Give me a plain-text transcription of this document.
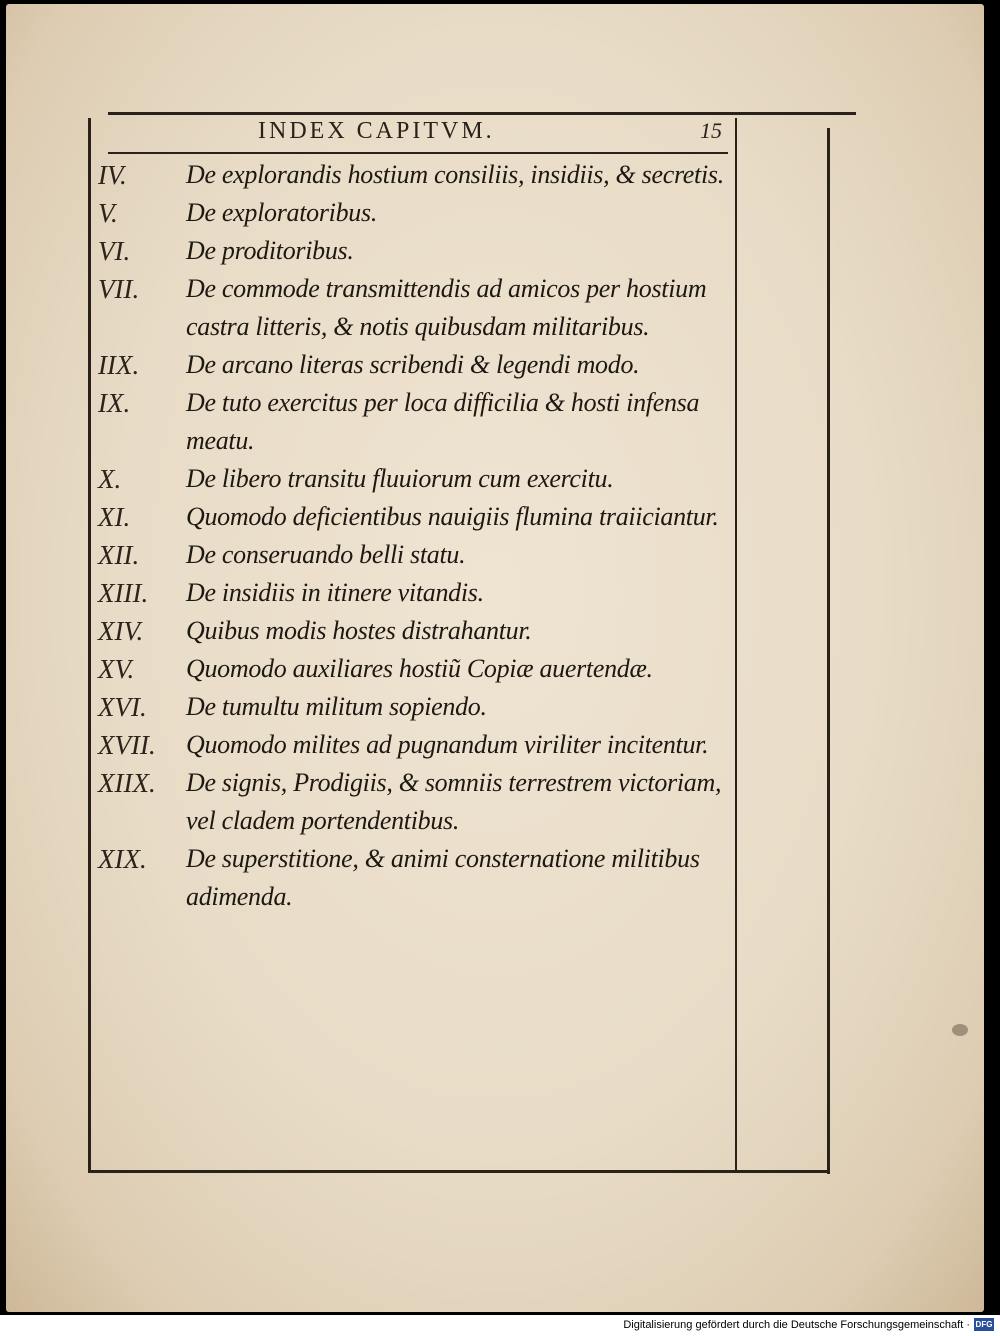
INDEX CAPITVM.	15
IV. De explorandis hostium consiliis, insidiis, & secretis.
V.	De exploratoribus.
VI. De proditoribus.
VII. De commode transmittendis ad amicos per hostium castra litteris, & notis quibusdam militaribus.
IIX. De arcano literas scribendi & legendi modo.
IX. De tuto exercitus per loca difficilia & hosti infensa meatu.
X. De libero transitu fluuiorum cum exercitu.
XI. Quomodo deficientibus nauigiis flumina traiiciantur.
XII. De conseruando belli statu.
XIII. De insidiis in itinere vitandis.
XIV. Quibus modis hostes distrahantur.
XV. Quomodo auxiliares hostiũ Copiæ auertendæ.
XVI. De tumultu militum sopiendo.
XVII. Quomodo milites ad pugnandum viriliter incitentur.
XIIX. De signis, Prodigiis, & somniis terrestrem victoriam, vel cladem portendentibus.
XIX. De superstitione, & animi consternatione militibus adimenda.
Digitalisierung gefördert durch die Deutsche Forschungsgemeinschaft · DFG
